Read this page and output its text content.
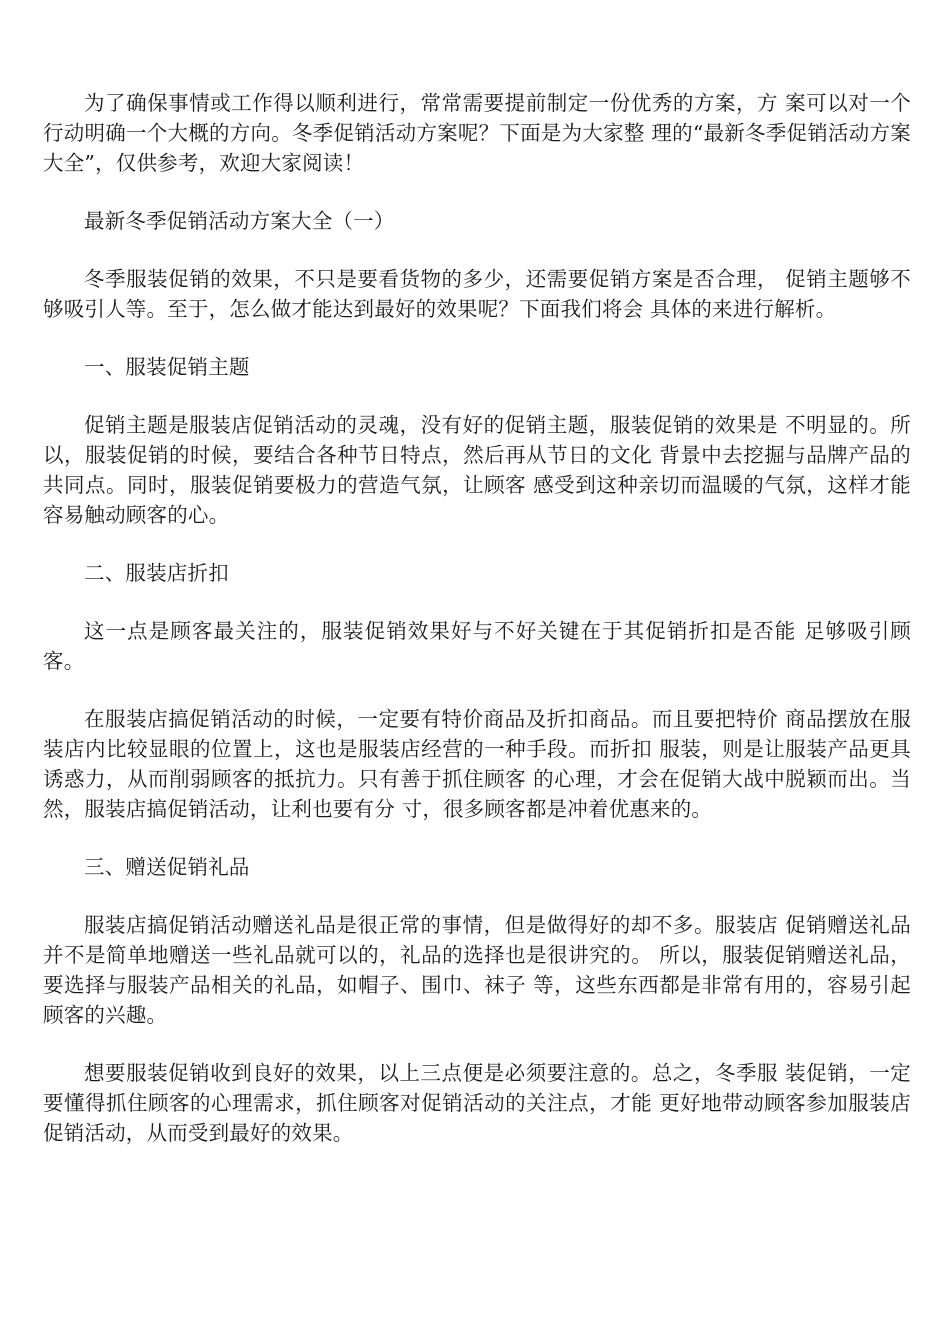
为了确保事情或工作得以顺利进行，常常需要提前制定一份优秀的方案，方 案可以对一个行动明确一个大概的方向。冬季促销活动方案呢？下面是为大家整 理的“最新冬季促销活动方案大全”，仅供参考，欢迎大家阅读！

最新冬季促销活动方案大全（一）

冬季服装促销的效果，不只是要看货物的多少，还需要促销方案是否合理， 促销主题够不够吸引人等。至于，怎么做才能达到最好的效果呢？下面我们将会 具体的来进行解析。

一、服装促销主题

促销主题是服装店促销活动的灵魂，没有好的促销主题，服装促销的效果是 不明显的。所以，服装促销的时候，要结合各种节日特点，然后再从节日的文化 背景中去挖掘与品牌产品的共同点。同时，服装促销要极力的营造气氛，让顾客 感受到这种亲切而温暖的气氛，这样才能容易触动顾客的心。

二、服装店折扣

这一点是顾客最关注的，服装促销效果好与不好关键在于其促销折扣是否能 足够吸引顾客。

在服装店搞促销活动的时候，一定要有特价商品及折扣商品。而且要把特价 商品摆放在服装店内比较显眼的位置上，这也是服装店经营的一种手段。而折扣 服装，则是让服装产品更具诱惑力，从而削弱顾客的抵抗力。只有善于抓住顾客 的心理，才会在促销大战中脱颖而出。当然，服装店搞促销活动，让利也要有分 寸，很多顾客都是冲着优惠来的。

三、赠送促销礼品

服装店搞促销活动赠送礼品是很正常的事情，但是做得好的却不多。服装店 促销赠送礼品并不是简单地赠送一些礼品就可以的，礼品的选择也是很讲究的。 所以，服装促销赠送礼品，要选择与服装产品相关的礼品，如帽子、围巾、袜子 等，这些东西都是非常有用的，容易引起顾客的兴趣。

想要服装促销收到良好的效果，以上三点便是必须要注意的。总之，冬季服 装促销，一定要懂得抓住顾客的心理需求，抓住顾客对促销活动的关注点，才能 更好地带动顾客参加服装店促销活动，从而受到最好的效果。
